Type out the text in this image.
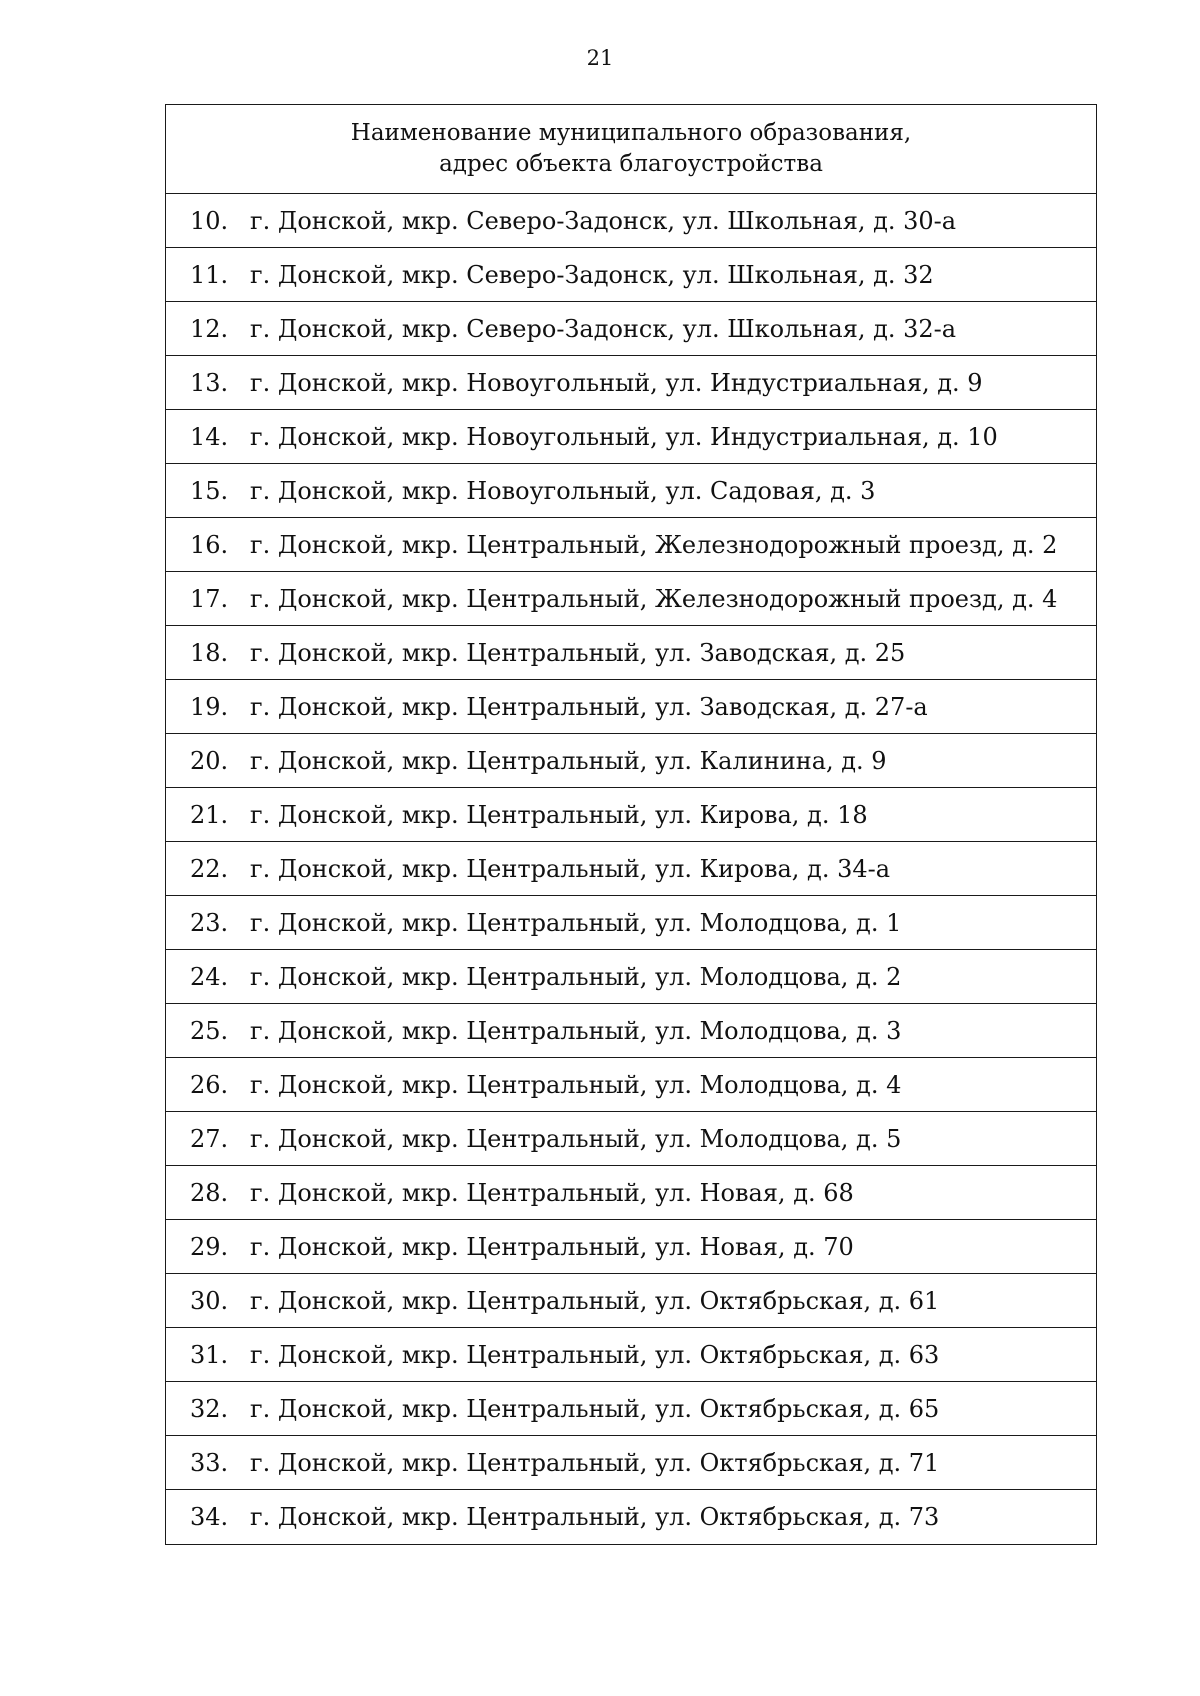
21
Наименование муниципального образования,
адрес объекта благоустройства
10. г. Донской, мкр. Северо-Задонск, ул. Школьная, д. 30-а
11. г. Донской, мкр. Северо-Задонск, ул. Школьная, д. 32
12. г. Донской, мкр. Северо-Задонск, ул. Школьная, д. 32-а
13. г. Донской, мкр. Новоугольный, ул. Индустриальная, д. 9
14. г. Донской, мкр. Новоугольный, ул. Индустриальная, д. 10
15. г. Донской, мкр. Новоугольный, ул. Садовая, д. 3
16. г. Донской, мкр. Центральный, Железнодорожный проезд, д. 2
17. г. Донской, мкр. Центральный, Железнодорожный проезд, д. 4
18. г. Донской, мкр. Центральный, ул. Заводская, д. 25
19. г. Донской, мкр. Центральный, ул. Заводская, д. 27-а
20. г. Донской, мкр. Центральный, ул. Калинина, д. 9
21. г. Донской, мкр. Центральный, ул. Кирова, д. 18
22. г. Донской, мкр. Центральный, ул. Кирова, д. 34-а
23. г. Донской, мкр. Центральный, ул. Молодцова, д. 1
24. г. Донской, мкр. Центральный, ул. Молодцова, д. 2
25. г. Донской, мкр. Центральный, ул. Молодцова, д. 3
26. г. Донской, мкр. Центральный, ул. Молодцова, д. 4
27. г. Донской, мкр. Центральный, ул. Молодцова, д. 5
28. г. Донской, мкр. Центральный, ул. Новая, д. 68
29. г. Донской, мкр. Центральный, ул. Новая, д. 70
30. г. Донской, мкр. Центральный, ул. Октябрьская, д. 61
31. г. Донской, мкр. Центральный, ул. Октябрьская, д. 63
32. г. Донской, мкр. Центральный, ул. Октябрьская, д. 65
33. г. Донской, мкр. Центральный, ул. Октябрьская, д. 71
34. г. Донской, мкр. Центральный, ул. Октябрьская, д. 73
